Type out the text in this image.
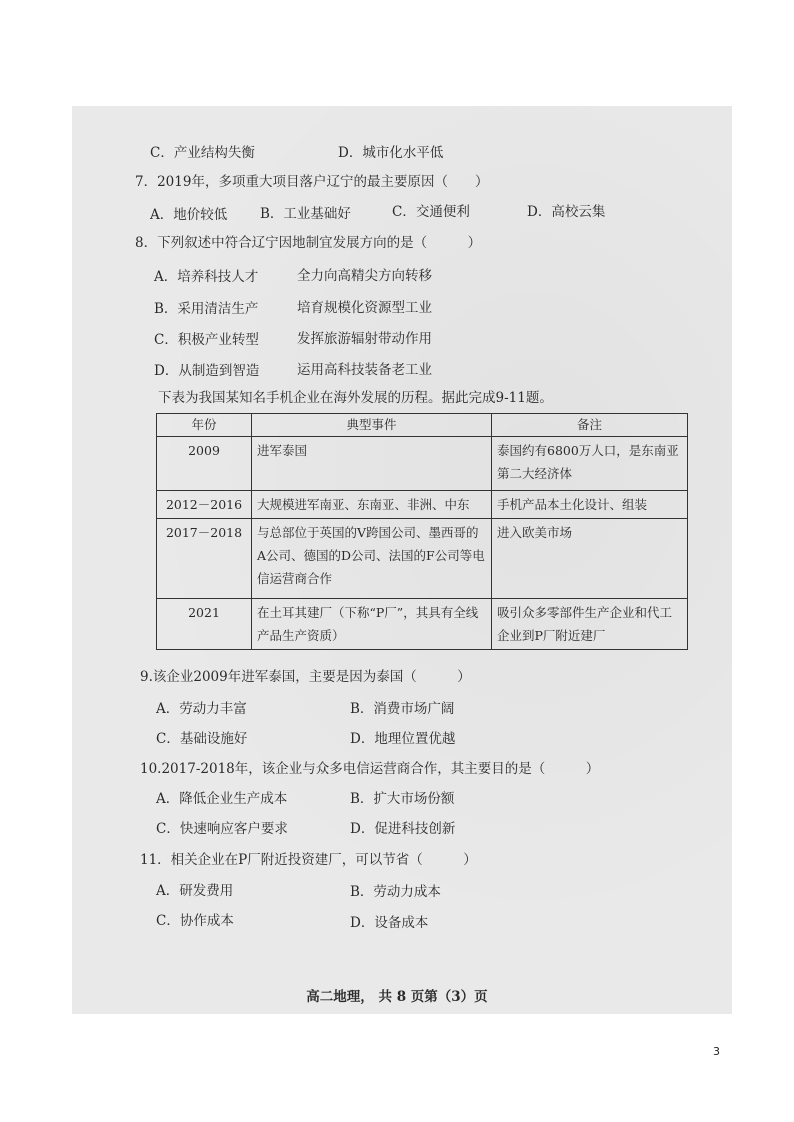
C．产业结构失衡	D．城市化水平低
7．2019年，多项重大项目落户辽宁的最主要原因（　　）
A．地价较低 B．工业基础好	C．交通便利	D．高校云集
8．下列叙述中符合辽宁因地制宜发展方向的是（　　　）
A．培养科技人才	全力向高精尖方向转移
B．采用清洁生产	培育规模化资源型工业
C．积极产业转型	发挥旅游辐射带动作用
D．从制造到智造	运用高科技装备老工业
下表为我国某知名手机企业在海外发展的历程。据此完成9-11题。
年份	典型事件	备注
2009	进军泰国	泰国约有6800万人口，是东南亚第二大经济体
2012－2016	大规模进军南亚、东南亚、非洲、中东	手机产品本土化设计、组装
2017－2018	与总部位于英国的V跨国公司、墨西哥的A公司、德国的D公司、法国的F公司等电信运营商合作	进入欧美市场
2021	在土耳其建厂（下称“P厂”，其具有全线产品生产资质）	吸引众多零部件生产企业和代工企业到P厂附近建厂
9.该企业2009年进军泰国，主要是因为泰国（　　　）
A．劳动力丰富	B．消费市场广阔
C．基础设施好	D．地理位置优越
10.2017-2018年，该企业与众多电信运营商合作，其主要目的是（　　　）
A．降低企业生产成本	B．扩大市场份额
C．快速响应客户要求	D．促进科技创新
11．相关企业在P厂附近投资建厂，可以节省（　　　）
A．研发费用	B．劳动力成本
C．协作成本	D．设备成本
高二地理， 共 8 页第（3）页
3
